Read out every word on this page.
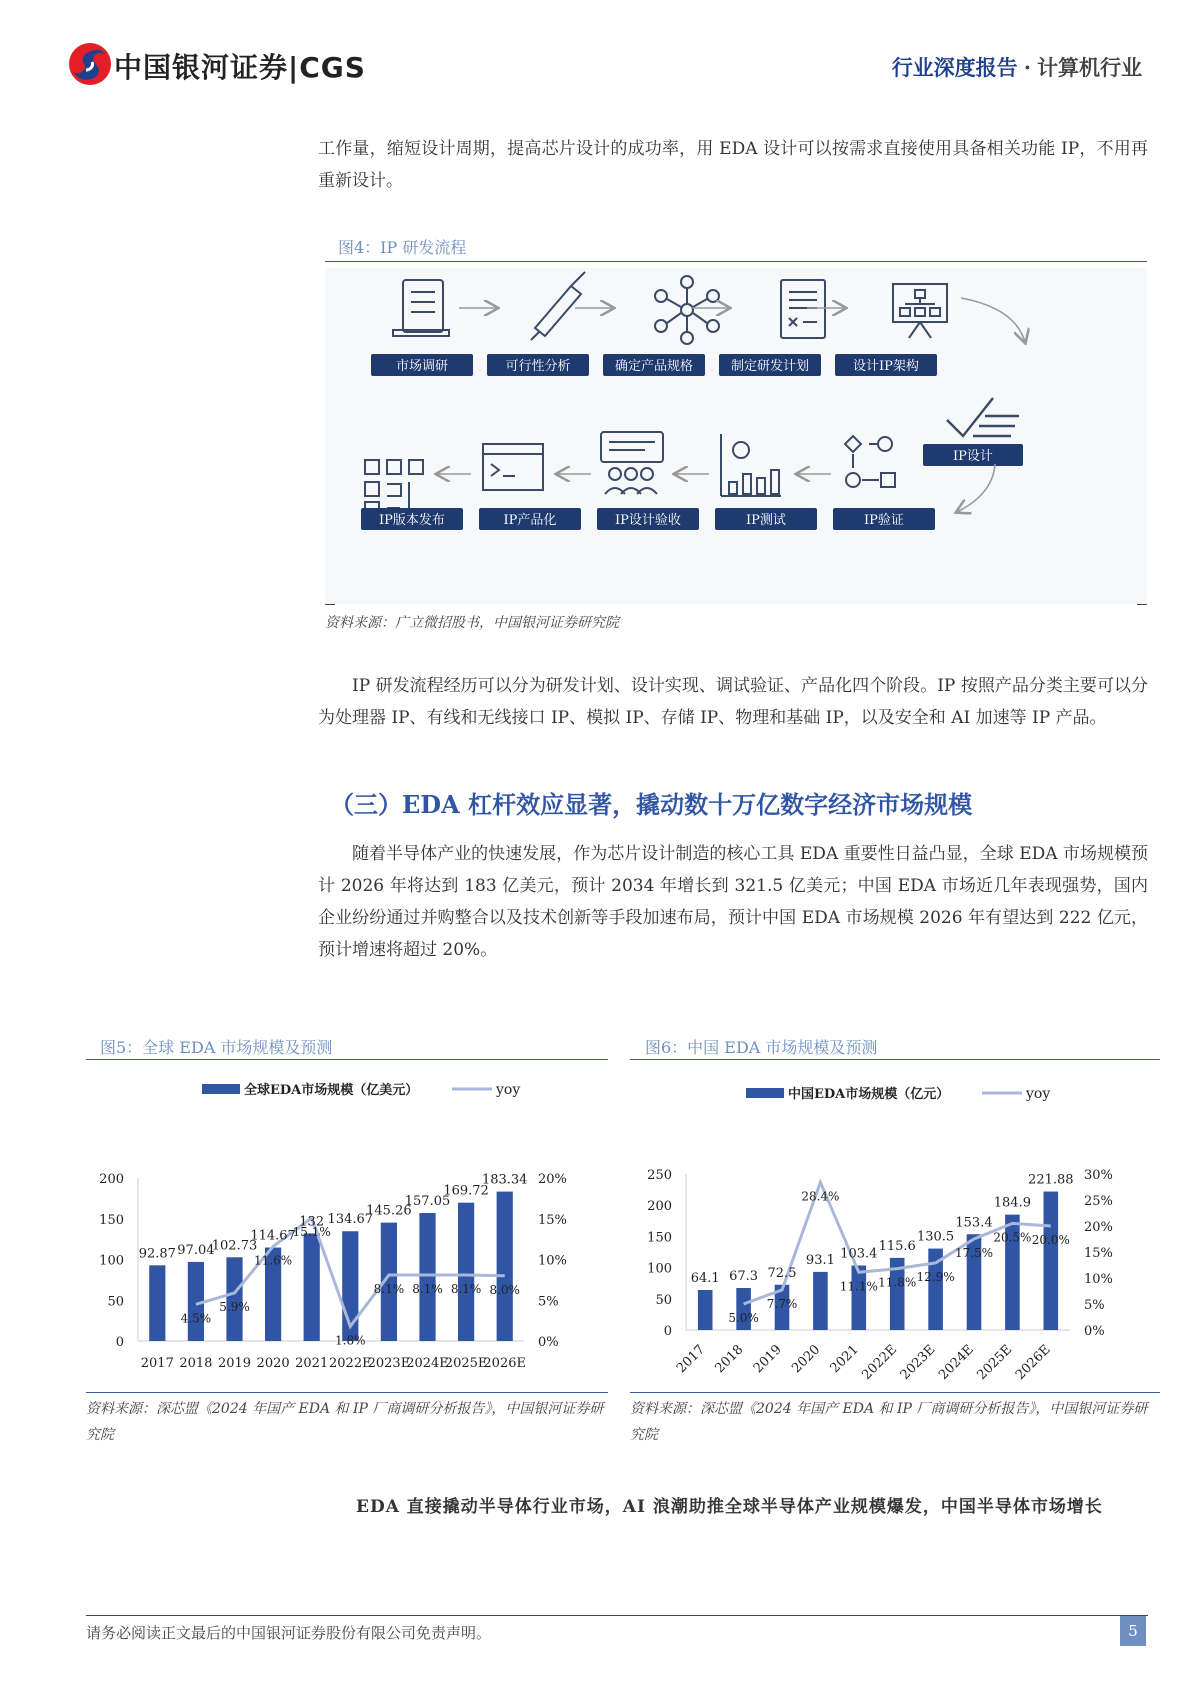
中国银河证券|CGS	行业深度报告 · 计算机行业
工作量，缩短设计周期，提高芯片设计的成功率，用 EDA 设计可以按需求直接使用具备相关功能 IP，不用再重新设计。
图4：IP 研发流程
市场调研	可行性分析	确定产品规格	制定研发计划	设计IP架构
IP设计
IP版本发布	IP产品化	IP设计验收	IP测试	IP验证
资料来源：广立微招股书，中国银河证券研究院
IP 研发流程经历可以分为研发计划、设计实现、调试验证、产品化四个阶段。IP 按照产品分类主要可以分为处理器 IP、有线和无线接口 IP、模拟 IP、存储 IP、物理和基础 IP，以及安全和 AI 加速等 IP 产品。
（三）EDA 杠杆效应显著，撬动数十万亿数字经济市场规模
随着半导体产业的快速发展，作为芯片设计制造的核心工具 EDA 重要性日益凸显，全球 EDA 市场规模预计 2026 年将达到 183 亿美元，预计 2034 年增长到 321.5 亿美元；中国 EDA 市场近几年表现强势，国内企业纷纷通过并购整合以及技术创新等手段加速布局，预计中国 EDA 市场规模 2026 年有望达到 222 亿元，预计增速将超过 20%。
图5：全球 EDA 市场规模及预测
全球EDA市场规模（亿美元）	yoy
0
50
100
150
200
0%
5%
10%
15%
20%
92.87 97.04
102.73
114.67
132 134.67
145.26
157.05
169.72
183.34
4.5%
5.9%
11.6%
15.1%
1.8%
8.1% 8.1% 8.1% 8.0%
2017 2018 2019 2020 2021 2022E
2023E
2024E
2025E
2026E
资料来源：深芯盟《2024 年国产 EDA 和 IP 厂商调研分析报告》，中国银河证券研究院
图6：中国 EDA 市场规模及预测
中国EDA市场规模（亿元）	yoy
0
50
100
150
200
250
0%
5%
10%
15%
20%
25%
30%
64.1 67.3 72.5
93.1 103.4
115.6
130.5
153.4
184.9
221.88
5.0%
7.7%
28.4%
11.1% 11.8% 12.9%
17.5%
20.5% 20.0%
2017 2018 2019 2020 2021
2022E
2023E
2024E
2025E
2026E
资料来源：深芯盟《2024 年国产 EDA 和 IP 厂商调研分析报告》，中国银河证券研究院
EDA 直接撬动半导体行业市场，AI 浪潮助推全球半导体产业规模爆发，中国半导体市场增长
请务必阅读正文最后的中国银河证券股份有限公司免责声明。	5
